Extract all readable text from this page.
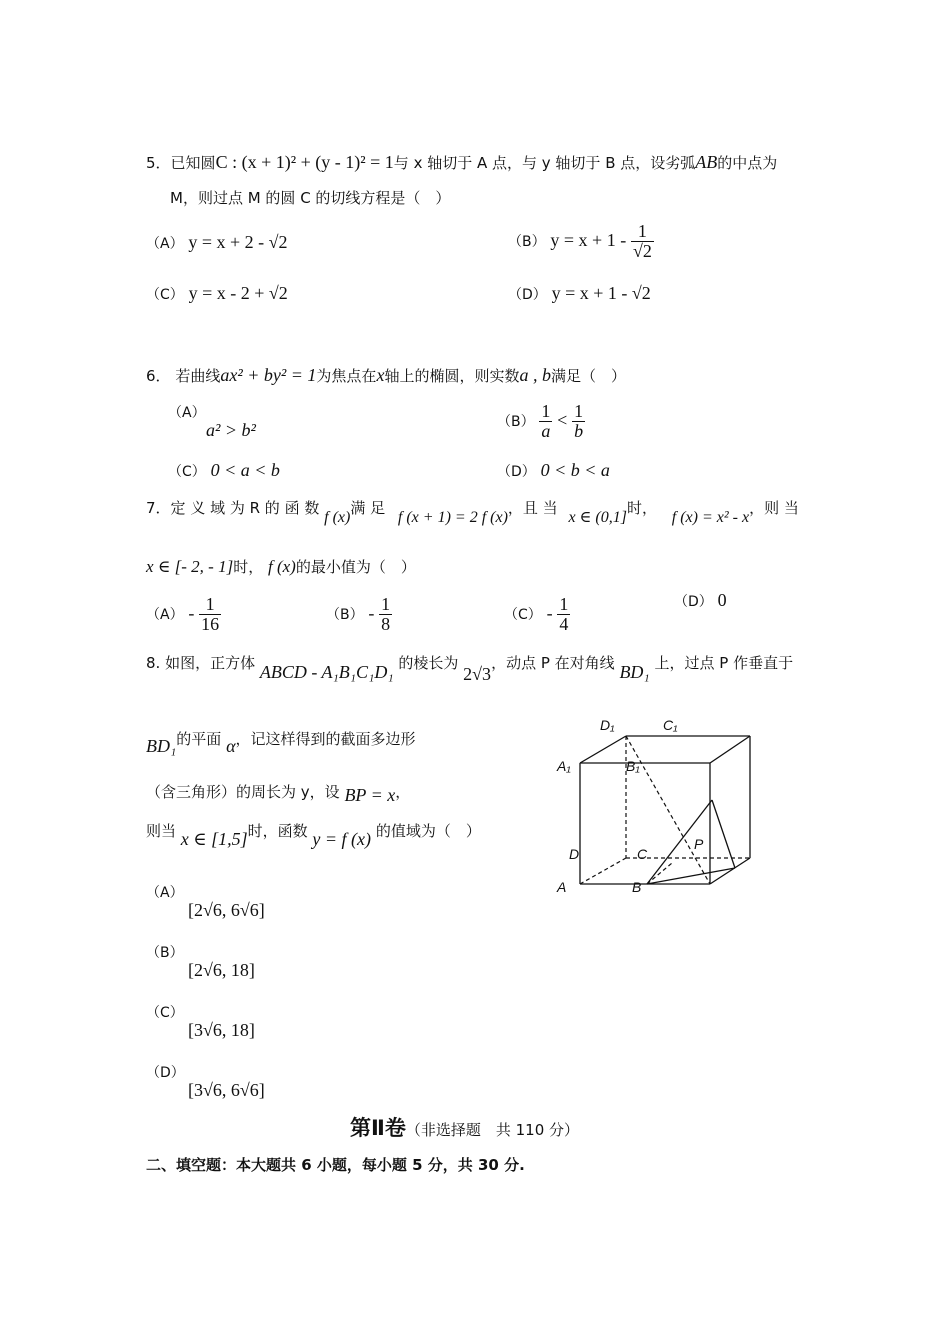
5．已知圆C : (x + 1)² + (y - 1)² = 1与 x 轴切于 A 点，与 y 轴切于 B 点，设劣弧AB的中点为
M，则过点 M 的圆 C 的切线方程是（　）
（A） y = x + 2 - √2	（B） $y = x + 1 - \frac{1}{√2}$
（C） y = x - 2 + √2	（D） y = x + 1 - √2
6． 若曲线ax² + by² = 1为焦点在x轴上的椭圆，则实数a , b满足（　）
（A）
a² > b²	$(B) \frac{1}{a} < \frac{1}{b}$
（C） 0 < a < b	（D） 0 < b < a
7．定 义 域 为 R 的 函 数 f (x)满 足 f (x + 1) = 2 f (x)，且 当 x ∈ (0,1]时， f (x) = x² - x，则 当
x ∈ [- 2, - 1]时， f (x)的最小值为（　）
$(A) - \frac{1}{16}$	$(B) - \frac{1}{8}$	$(C) - \frac{1}{4}$	（D） 0
8. 如图，正方体 ABCD - A₁B₁C₁D₁ 的棱长为 2√3，动点 P 在对角线 BD₁ 上，过点 P 作垂直于
BD₁的平面 α，记这样得到的截面多边形
（含三角形）的周长为 y，设 BP = x，
则当 x ∈ [1,5]时，函数 y = f (x) 的值域为（　）
（A）
[2√6, 6√6]
（B）
[2√6, 18]
（C）
[3√6, 18]
（D）
[3√6, 6√6]
D₁	C₁
A₁	B₁
D	C
P
A	B
第Ⅱ卷（非选择题　共 110 分）
二、填空题：本大题共 6 小题，每小题 5 分，共 30 分.
